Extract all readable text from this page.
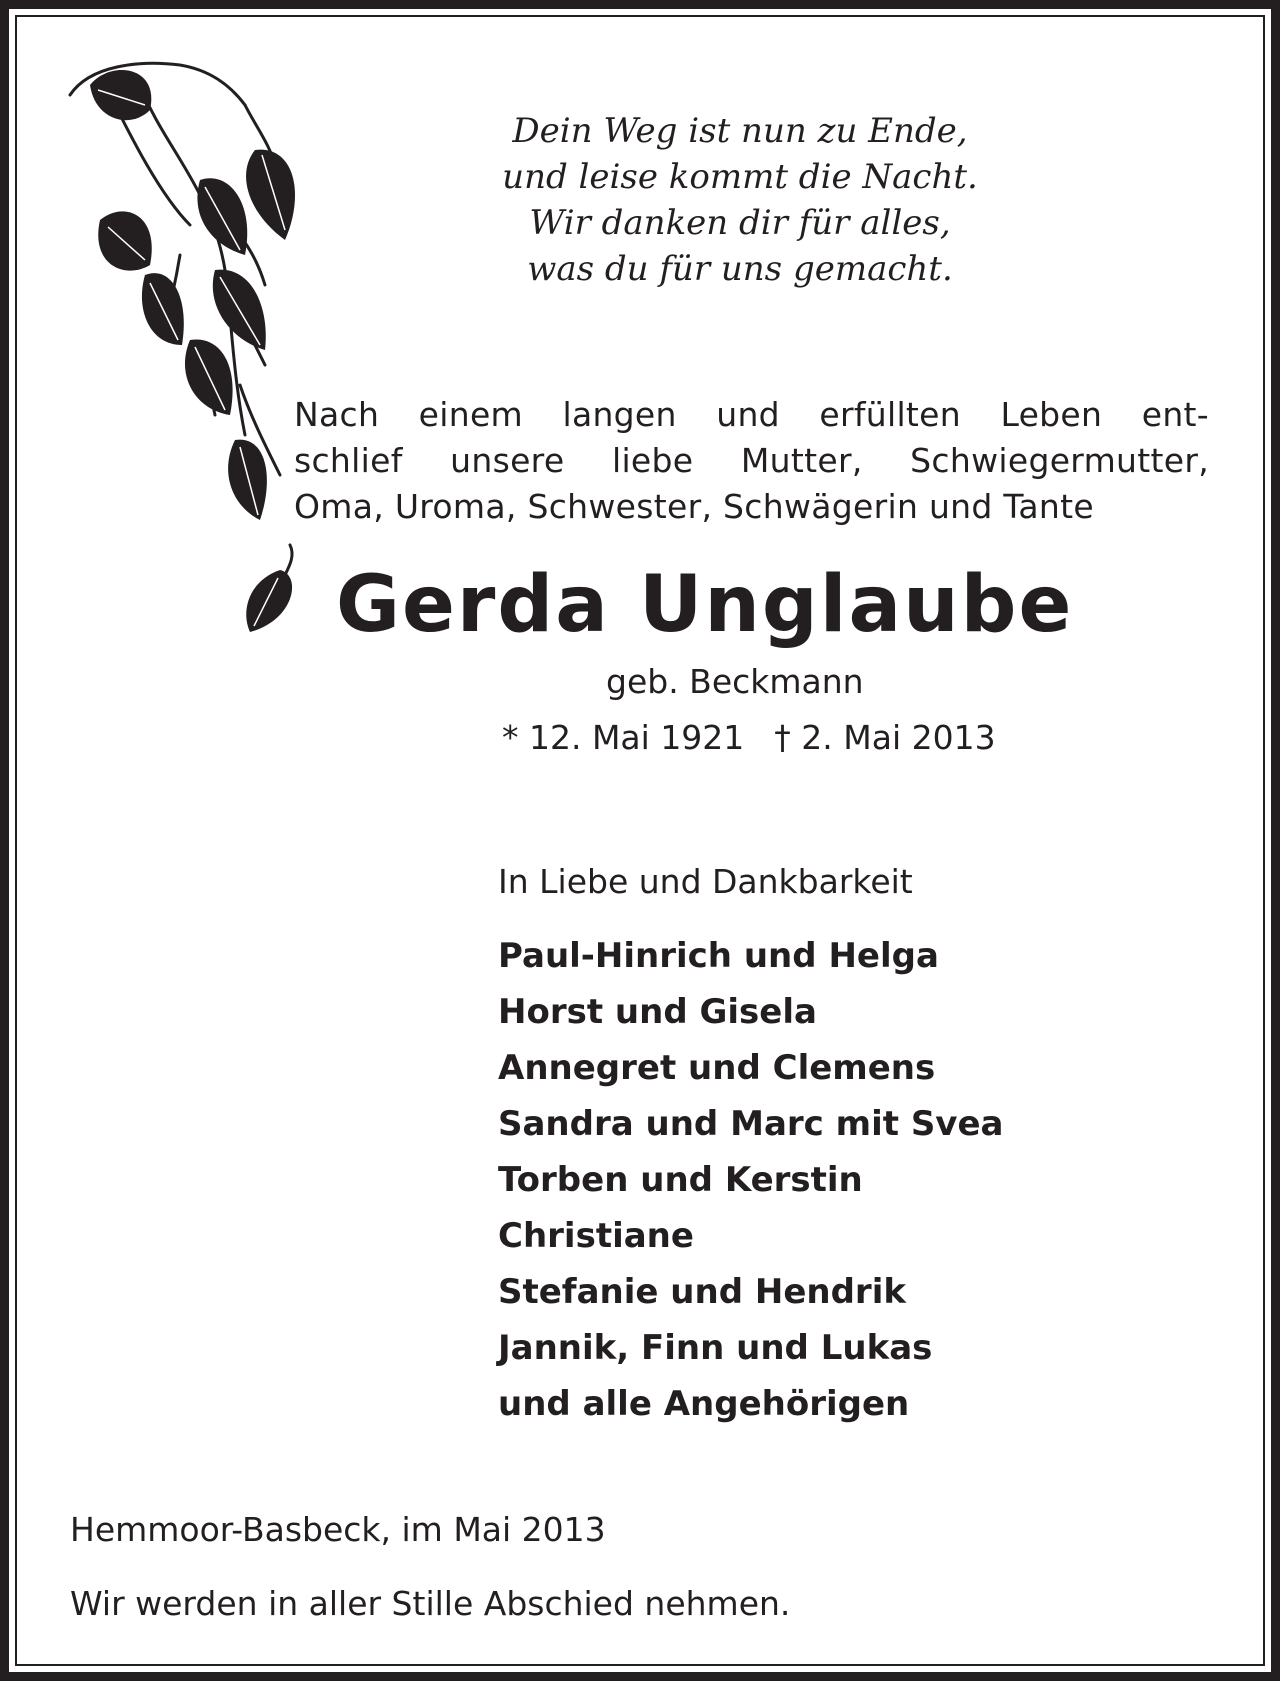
Dein Weg ist nun zu Ende,
und leise kommt die Nacht.
Wir danken dir für alles,
was du für uns gemacht.
Nach einem langen und erfüllten Leben ent-
schlief unsere liebe Mutter, Schwiegermutter,
Oma, Uroma, Schwester, Schwägerin und Tante
Gerda Unglaube
geb. Beckmann
* 12. Mai 1921 † 2. Mai 2013
In Liebe und Dankbarkeit
Paul-Hinrich und Helga
Horst und Gisela
Annegret und Clemens
Sandra und Marc mit Svea
Torben und Kerstin
Christiane
Stefanie und Hendrik
Jannik, Finn und Lukas
und alle Angehörigen
Hemmoor-Basbeck, im Mai 2013
Wir werden in aller Stille Abschied nehmen.
